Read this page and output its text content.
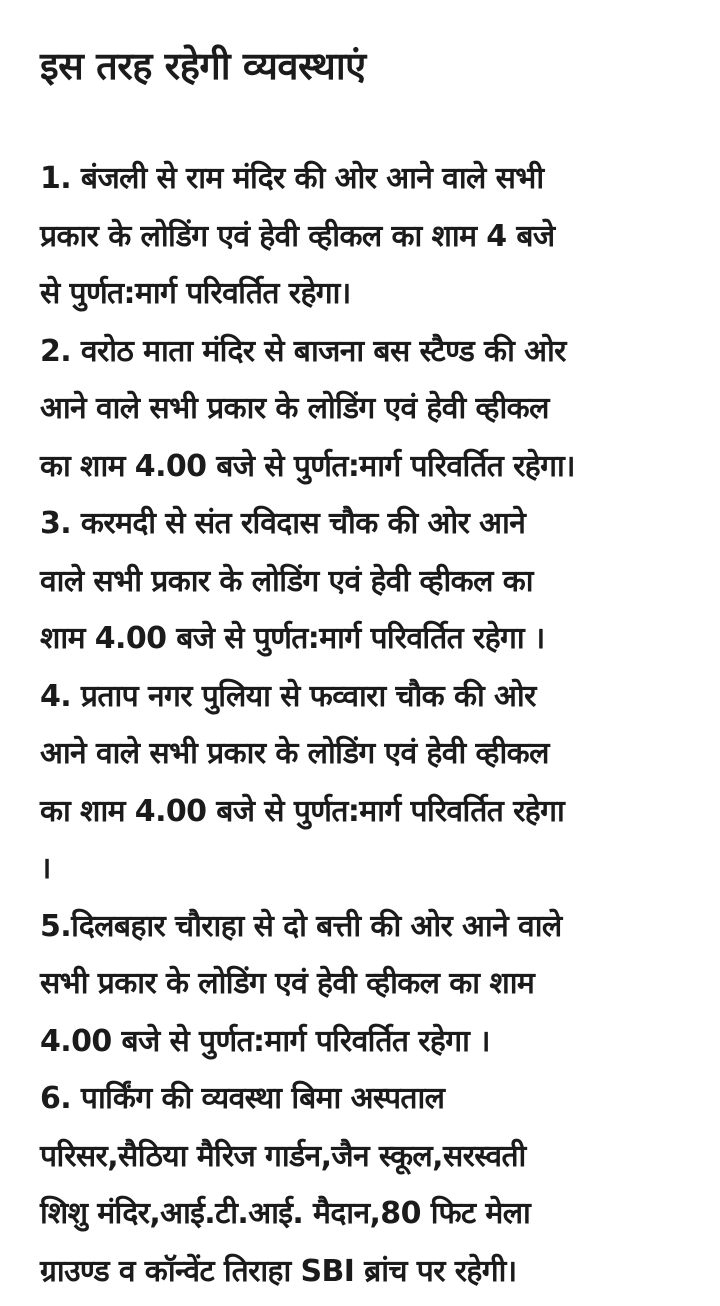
इस तरह रहेगी व्यवस्थाएं
1. बंजली से राम मंदिर की ओर आने वाले सभी
प्रकार के लोडिंग एवं हेवी व्हीकल का शाम 4 बजे
से पुर्णत:मार्ग परिवर्तित रहेगा।
2. वरोठ माता मंदिर से बाजना बस स्टैण्ड की ओर
आने वाले सभी प्रकार के लोडिंग एवं हेवी व्हीकल
का शाम 4.00 बजे से पुर्णत:मार्ग परिवर्तित रहेगा।
3. करमदी से संत रविदास चौक की ओर आने
वाले सभी प्रकार के लोडिंग एवं हेवी व्हीकल का
शाम 4.00 बजे से पुर्णत:मार्ग परिवर्तित रहेगा ।
4. प्रताप नगर पुलिया से फव्वारा चौक की ओर
आने वाले सभी प्रकार के लोडिंग एवं हेवी व्हीकल
का शाम 4.00 बजे से पुर्णत:मार्ग परिवर्तित रहेगा
।
5.दिलबहार चौराहा से दो बत्ती की ओर आने वाले
सभी प्रकार के लोडिंग एवं हेवी व्हीकल का शाम
4.00 बजे से पुर्णत:मार्ग परिवर्तित रहेगा ।
6. पार्किंग की व्यवस्था बिमा अस्पताल
परिसर,सैठिया मैरिज गार्डन,जैन स्कूल,सरस्वती
शिशु मंदिर,आई.टी.आई. मैदान,80 फिट मेला
ग्राउण्ड व कॉन्वेंट तिराहा SBI ब्रांच पर रहेगी।
